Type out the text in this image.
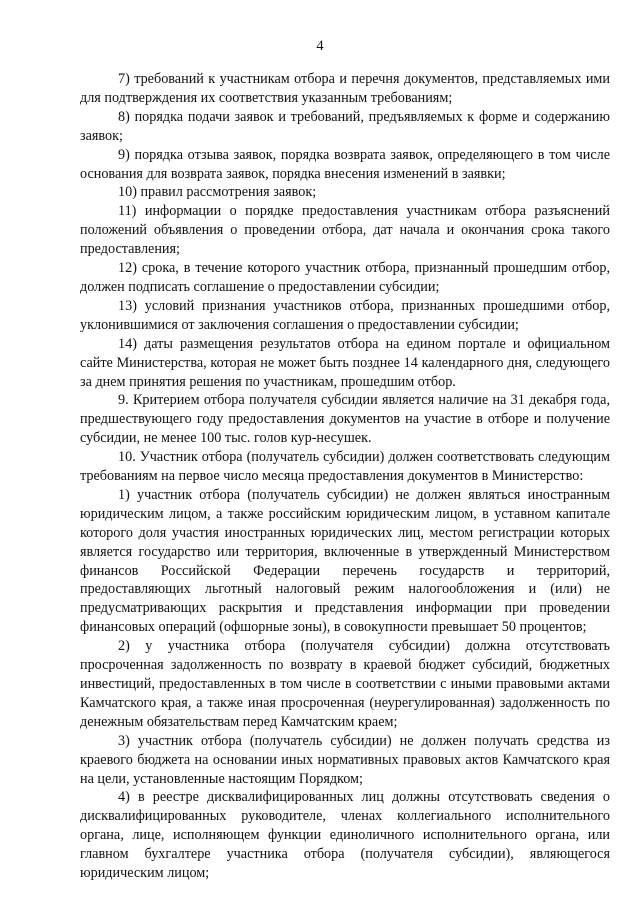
4

7) требований к участникам отбора и перечня документов, представляемых ими для подтверждения их соответствия указанным требованиям;

8) порядка подачи заявок и требований, предъявляемых к форме и содержанию заявок;

9) порядка отзыва заявок, порядка возврата заявок, определяющего в том числе основания для возврата заявок, порядка внесения изменений в заявки;

10) правил рассмотрения заявок;

11) информации о порядке предоставления участникам отбора разъяснений положений объявления о проведении отбора, дат начала и окончания срока такого предоставления;

12) срока, в течение которого участник отбора, признанный прошедшим отбор, должен подписать соглашение о предоставлении субсидии;

13) условий признания участников отбора, признанных прошедшими отбор, уклонившимися от заключения соглашения о предоставлении субсидии;

14) даты размещения результатов отбора на едином портале и официальном сайте Министерства, которая не может быть позднее 14 календарного дня, следующего за днем принятия решения по участникам, прошедшим отбор.

9. Критерием отбора получателя субсидии является наличие на 31 декабря года, предшествующего году предоставления документов на участие в отборе и получение субсидии, не менее 100 тыс. голов кур-несушек.

10. Участник отбора (получатель субсидии) должен соответствовать следующим требованиям на первое число месяца предоставления документов в Министерство:

1) участник отбора (получатель субсидии) не должен являться иностранным юридическим лицом, а также российским юридическим лицом, в уставном капитале которого доля участия иностранных юридических лиц, местом регистрации которых является государство или территория, включенные в утвержденный Министерством финансов Российской Федерации перечень государств и территорий, предоставляющих льготный налоговый режим налогообложения и (или) не предусматривающих раскрытия и представления информации при проведении финансовых операций (офшорные зоны), в совокупности превышает 50 процентов;

2) у участника отбора (получателя субсидии) должна отсутствовать просроченная задолженность по возврату в краевой бюджет субсидий, бюджетных инвестиций, предоставленных в том числе в соответствии с иными правовыми актами Камчатского края, а также иная просроченная (неурегулированная) задолженность по денежным обязательствам перед Камчатским краем;

3) участник отбора (получатель субсидии) не должен получать средства из краевого бюджета на основании иных нормативных правовых актов Камчатского края на цели, установленные настоящим Порядком;

4) в реестре дисквалифицированных лиц должны отсутствовать сведения о дисквалифицированных руководителе, членах коллегиального исполнительного органа, лице, исполняющем функции единоличного исполнительного органа, или главном бухгалтере участника отбора (получателя субсидии), являющегося юридическим лицом;
